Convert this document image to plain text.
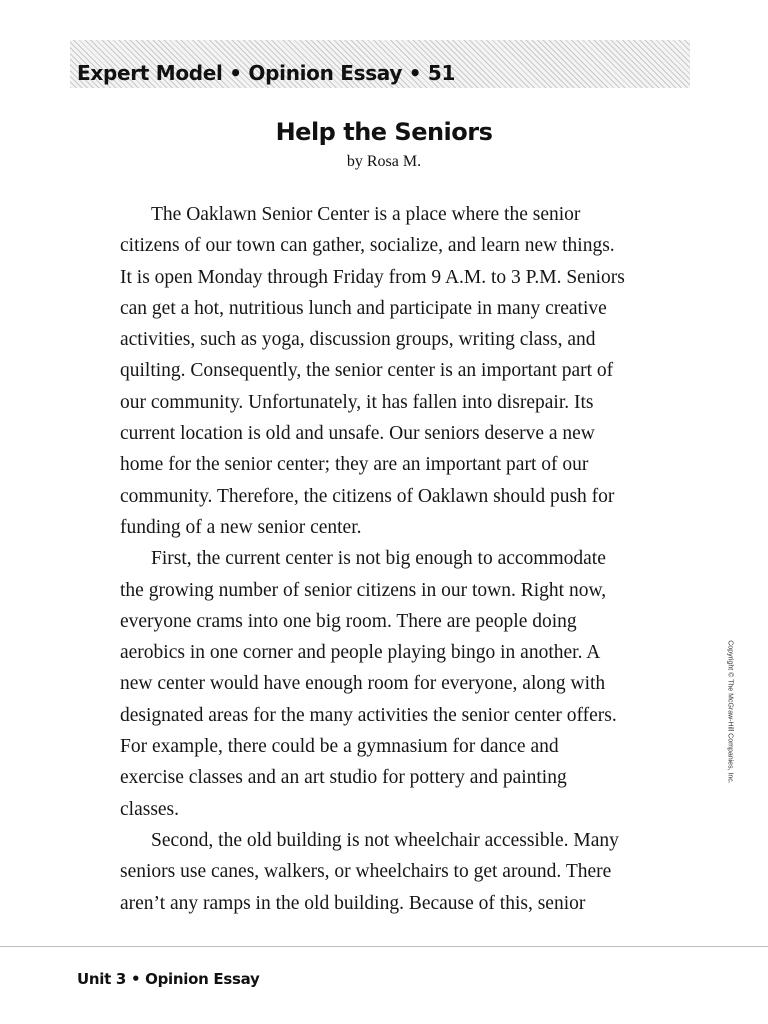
Expert Model • Opinion Essay • 51
Help the Seniors
by Rosa M.
The Oaklawn Senior Center is a place where the senior
citizens of our town can gather, socialize, and learn new things.
It is open Monday through Friday from 9 A.M. to 3 P.M. Seniors
can get a hot, nutritious lunch and participate in many creative
activities, such as yoga, discussion groups, writing class, and
quilting. Consequently, the senior center is an important part of
our community. Unfortunately, it has fallen into disrepair. Its
current location is old and unsafe. Our seniors deserve a new
home for the senior center; they are an important part of our
community. Therefore, the citizens of Oaklawn should push for
funding of a new senior center.
First, the current center is not big enough to accommodate
the growing number of senior citizens in our town. Right now,
everyone crams into one big room. There are people doing
aerobics in one corner and people playing bingo in another. A
new center would have enough room for everyone, along with
designated areas for the many activities the senior center offers.
For example, there could be a gymnasium for dance and
exercise classes and an art studio for pottery and painting
classes.
Second, the old building is not wheelchair accessible. Many
seniors use canes, walkers, or wheelchairs to get around. There
aren’t any ramps in the old building. Because of this, senior
Copyright © The McGraw-Hill Companies, Inc.
Unit 3 • Opinion Essay
